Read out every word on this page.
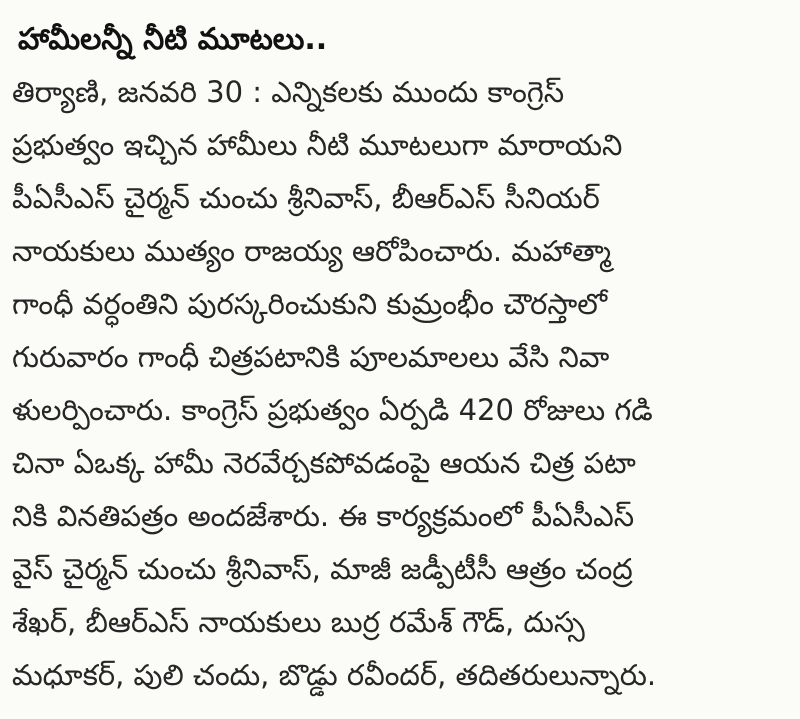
హామీలన్నీ నీటి మూటలు..
తిర్యాణి, జనవరి 30 : ఎన్నికలకు ముందు కాంగ్రెస్
ప్రభుత్వం ఇచ్చిన హామీలు నీటి మూటలుగా మారాయని
పీఏసీఎస్ చైర్మన్ చుంచు శ్రీనివాస్, బీఆర్ఎస్ సీనియర్
నాయకులు ముత్యం రాజయ్య ఆరోపించారు. మహాత్మా
గాంధీ వర్ధంతిని పురస్కరించుకుని కుమ్రంభీం చౌరస్తాలో
గురువారం గాంధీ చిత్రపటానికి పూలమాలలు వేసి నివా
ళులర్పించారు. కాంగ్రెస్ ప్రభుత్వం ఏర్పడి 420 రోజులు గడి
చినా ఏఒక్క హామీ నెరవేర్చకపోవడంపై ఆయన చిత్ర పటా
నికి వినతిపత్రం అందజేశారు. ఈ కార్యక్రమంలో పీఏసీఎస్
వైస్ చైర్మన్ చుంచు శ్రీనివాస్, మాజీ జడ్పీటీసీ ఆత్రం చంద్ర
శేఖర్, బీఆర్ఎస్ నాయకులు బుర్ర రమేశ్ గౌడ్, దుస్స
మధూకర్, పులి చందు, బొడ్డు రవీందర్, తదితరులున్నారు.
